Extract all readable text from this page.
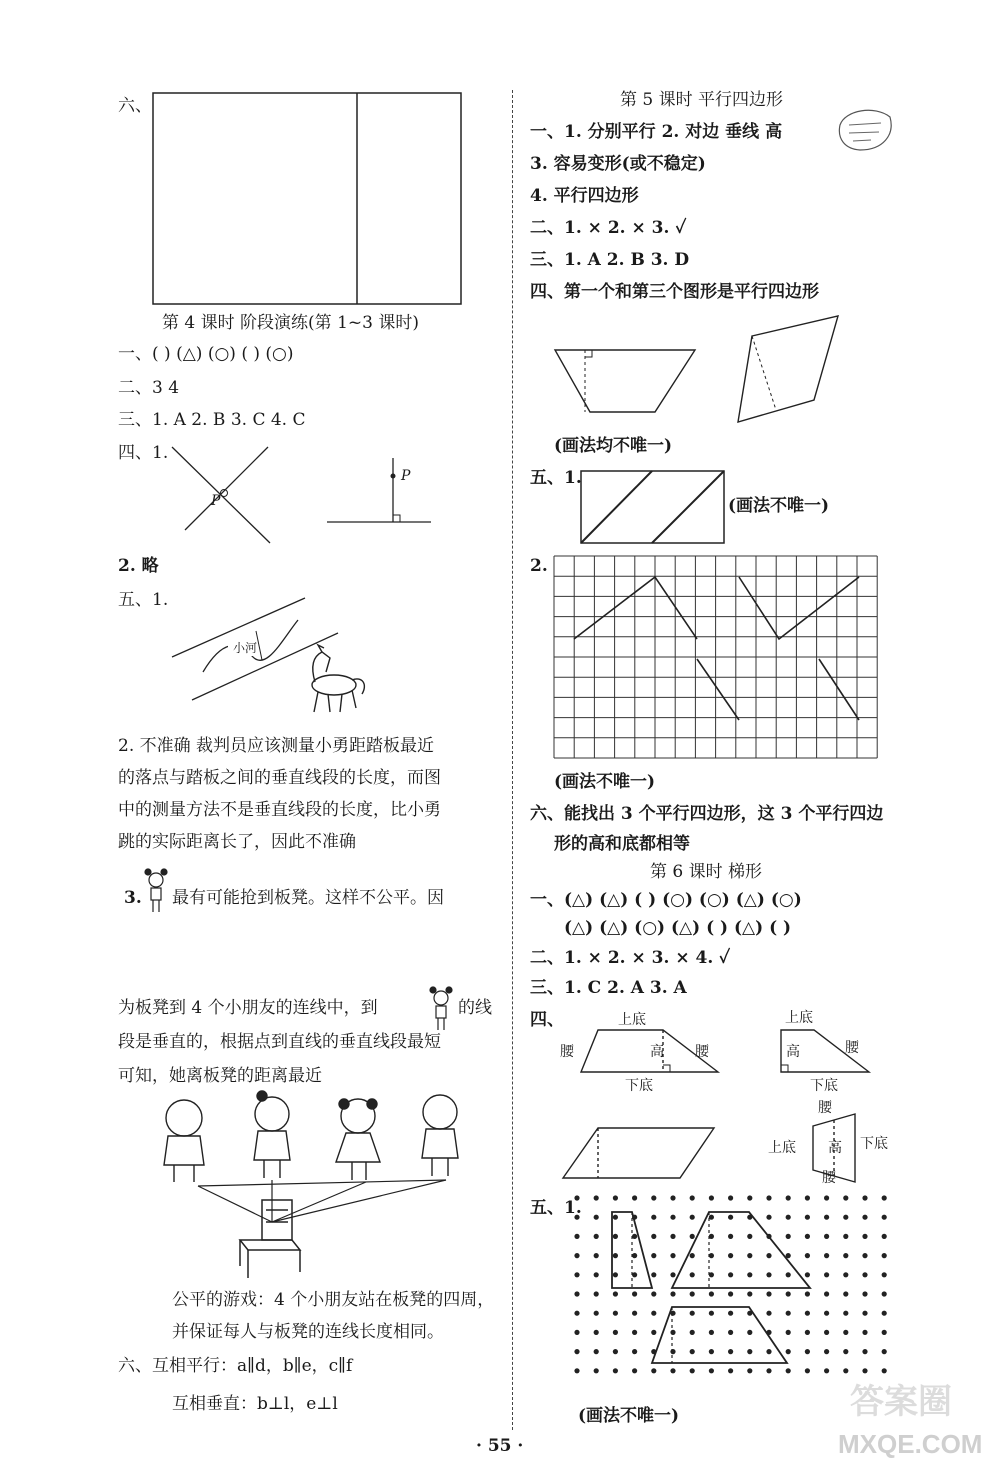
六、
第 4 课时 阶段演练(第 1~3 课时)
一、( ) (△) (○) ( ) (○)
二、3 4
三、1. A 2. B 3. C 4. C
四、1.
P
P
2. 略
五、1.
小河
2. 不准确 裁判员应该测量小勇距踏板最近
的落点与踏板之间的垂直线段的长度，而图
中的测量方法不是垂直线段的长度，比小勇
跳的实际距离长了，因此不准确
3. 最有可能抢到板凳。这样不公平。因
为板凳到 4 个小朋友的连线中，到	的线
段是垂直的，根据点到直线的垂直线段最短
可知，她离板凳的距离最近
公平的游戏：4 个小朋友站在板凳的四周，
并保证每人与板凳的连线长度相同。
六、互相平行：a∥d，b∥e，c∥f
互相垂直：b⊥l，e⊥l
第 5 课时 平行四边形
一、1. 分别平行 2. 对边 垂线 高
3. 容易变形(或不稳定)
4. 平行四边形
二、1. × 2. × 3. ✓
三、1. A 2. B 3. D
四、第一个和第三个图形是平行四边形
(画法均不唯一)
五、1.
(画法不唯一)
2.
(画法不唯一)
六、能找出 3 个平行四边形，这 3 个平行四边
形的高和底都相等
第 6 课时 梯形
一、(△) (△) ( ) (○) (○) (△) (○)
(△) (△) (○) (△) ( ) (△) ( )
二、1. × 2. × 3. × 4. ✓
三、1. C 2. A 3. A
四、	上底
腰	高 腰
下底
上底
高	腰
下底
腰
上底 高 下底
腰
五、1.
(画法不唯一)
· 55 ·	MXQE.COM
答案圈
